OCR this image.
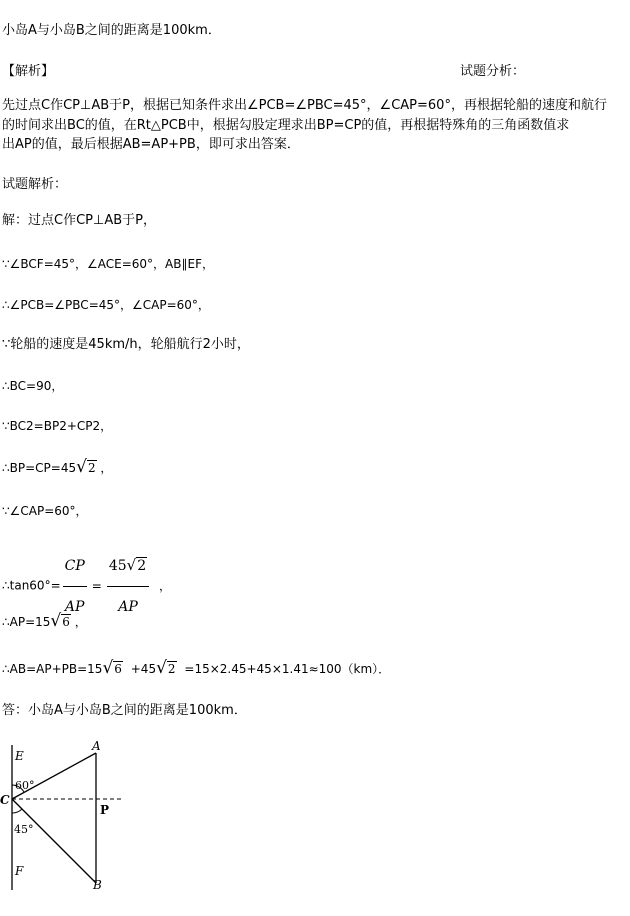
小岛A与小岛B之间的距离是100km．
【解析】	试题分析：
先过点C作CP⊥AB于P，根据已知条件求出∠PCB=∠PBC=45°，∠CAP=60°，再根据轮船的速度和航行
的时间求出BC的值，在Rt△PCB中，根据勾股定理求出BP=CP的值，再根据特殊角的三角函数值求
出AP的值，最后根据AB=AP+PB，即可求出答案．
试题解析：
解：过点C作CP⊥AB于P，
∵∠BCF=45°，∠ACE=60°，AB∥EF，
∴∠PCB=∠PBC=45°，∠CAP=60°，
∵轮船的速度是45km/h，轮船航行2小时，
∴BC=90，
∵BC2=BP2+CP2，
∴BP=CP=45√2 ，
∵∠CAP=60°，
∴tan60°= $\frac{CP}{AP} = \frac{45√2}{AP}$ ，
∴AP=15√6 ，
∴AB=AP+PB=15√6 +45√2 =15×2.45+45×1.41≈100（km）．
答：小岛A与小岛B之间的距离是100km．
E
A
C
P
F
B
60°
45°
